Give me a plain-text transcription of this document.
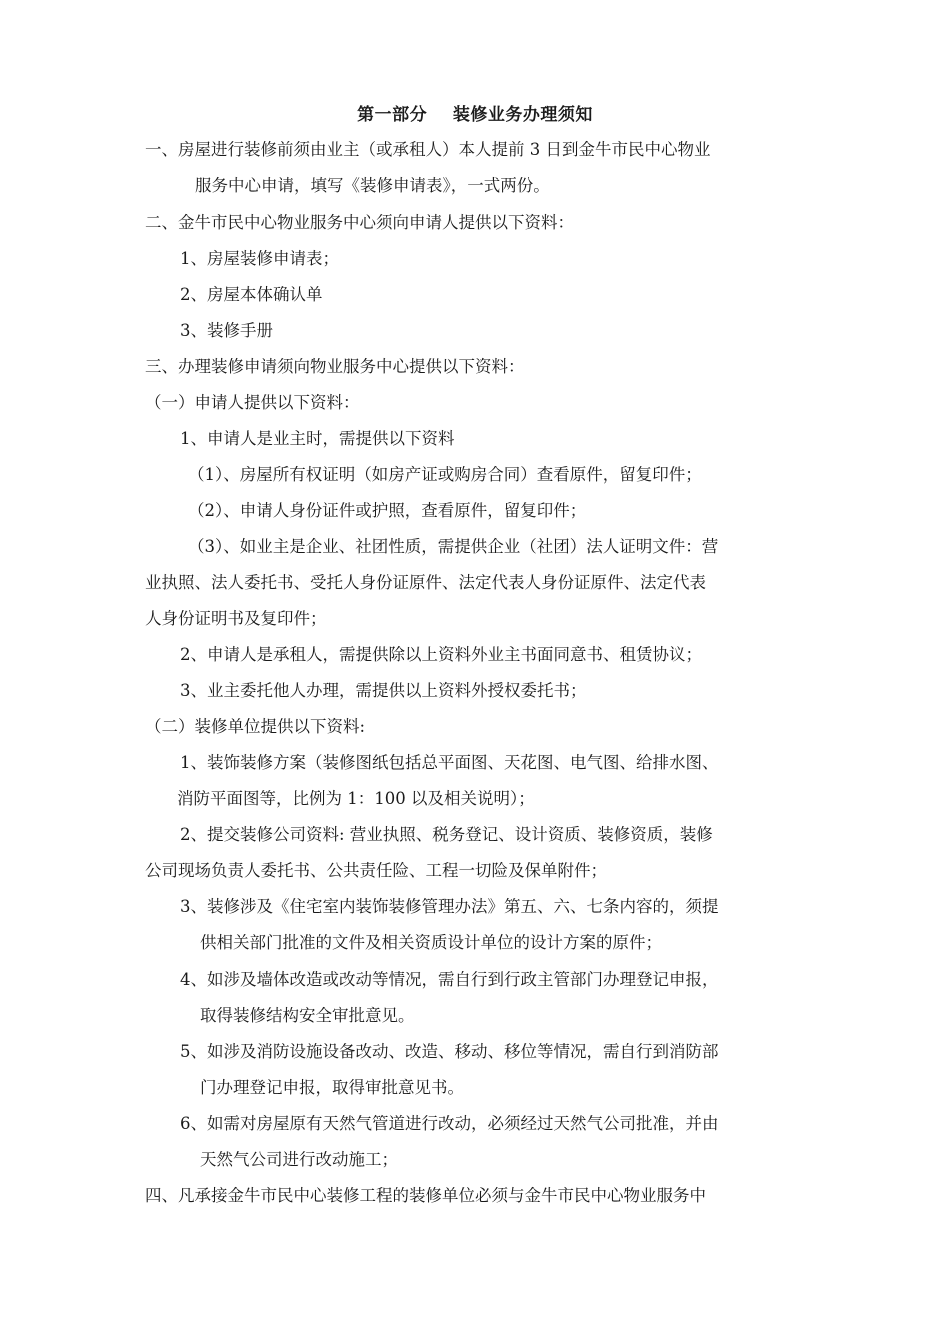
第一部分    装修业务办理须知
一、房屋进行装修前须由业主（或承租人）本人提前 3 日到金牛市民中心物业
服务中心申请，填写《装修申请表》，一式两份。
二、金牛市民中心物业服务中心须向申请人提供以下资料：
1、房屋装修申请表；
2、房屋本体确认单
3、装修手册
三、办理装修申请须向物业服务中心提供以下资料：
（一）申请人提供以下资料：
1、申请人是业主时，需提供以下资料
（1）、房屋所有权证明（如房产证或购房合同）查看原件，留复印件；
（2）、申请人身份证件或护照，查看原件，留复印件；
（3）、如业主是企业、社团性质，需提供企业（社团）法人证明文件：营
业执照、法人委托书、受托人身份证原件、法定代表人身份证原件、法定代表
人身份证明书及复印件；
2、申请人是承租人，需提供除以上资料外业主书面同意书、租赁协议；
3、业主委托他人办理，需提供以上资料外授权委托书；
（二）装修单位提供以下资料:
1、装饰装修方案（装修图纸包括总平面图、天花图、电气图、给排水图、
消防平面图等，比例为 1：100 以及相关说明）；
2、提交装修公司资料: 营业执照、税务登记、设计资质、装修资质，装修
公司现场负责人委托书、公共责任险、工程一切险及保单附件；
3、装修涉及《住宅室内装饰装修管理办法》第五、六、七条内容的，须提
供相关部门批准的文件及相关资质设计单位的设计方案的原件；
4、如涉及墙体改造或改动等情况，需自行到行政主管部门办理登记申报，
取得装修结构安全审批意见。
5、如涉及消防设施设备改动、改造、移动、移位等情况，需自行到消防部
门办理登记申报，取得审批意见书。
6、如需对房屋原有天然气管道进行改动，必须经过天然气公司批准，并由
天然气公司进行改动施工；
四、凡承接金牛市民中心装修工程的装修单位必须与金牛市民中心物业服务中
